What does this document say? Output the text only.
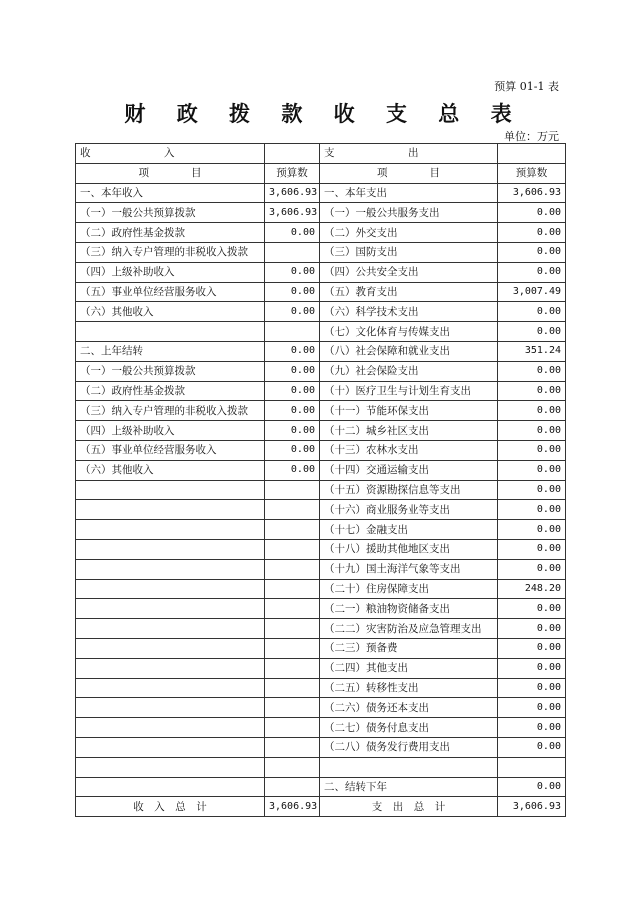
预算 01-1 表
财 政 拨 款 收 支 总 表
单位：万元
收　　　　　　　入		支　　　　　　　出	
项　　　　目	预算数	项　　　　目	预算数
一、本年收入	3,606.93	一、本年支出	3,606.93
（一）一般公共预算拨款	3,606.93	（一）一般公共服务支出	0.00
（二）政府性基金拨款	0.00	（二）外交支出	0.00
（三）纳入专户管理的非税收入拨款		（三）国防支出	0.00
（四）上级补助收入	0.00	（四）公共安全支出	0.00
（五）事业单位经营服务收入	0.00	（五）教育支出	3,007.49
（六）其他收入	0.00	（六）科学技术支出	0.00
		（七）文化体育与传媒支出	0.00
二、上年结转	0.00	（八）社会保障和就业支出	351.24
（一）一般公共预算拨款	0.00	（九）社会保险支出	0.00
（二）政府性基金拨款	0.00	（十）医疗卫生与计划生育支出	0.00
（三）纳入专户管理的非税收入拨款	0.00	（十一）节能环保支出	0.00
（四）上级补助收入	0.00	（十二）城乡社区支出	0.00
（五）事业单位经营服务收入	0.00	（十三）农林水支出	0.00
（六）其他收入	0.00	（十四）交通运输支出	0.00
		（十五）资源勘探信息等支出	0.00
		（十六）商业服务业等支出	0.00
		（十七）金融支出	0.00
		（十八）援助其他地区支出	0.00
		（十九）国土海洋气象等支出	0.00
		（二十）住房保障支出	248.20
		（二一）粮油物资储备支出	0.00
		（二二）灾害防治及应急管理支出	0.00
		（二三）预备费	0.00
		（二四）其他支出	0.00
		（二五）转移性支出	0.00
		（二六）债务还本支出	0.00
		（二七）债务付息支出	0.00
		（二八）债务发行费用支出	0.00

		二、结转下年	0.00
收　入　总　计	3,606.93	支　出　总　计	3,606.93
